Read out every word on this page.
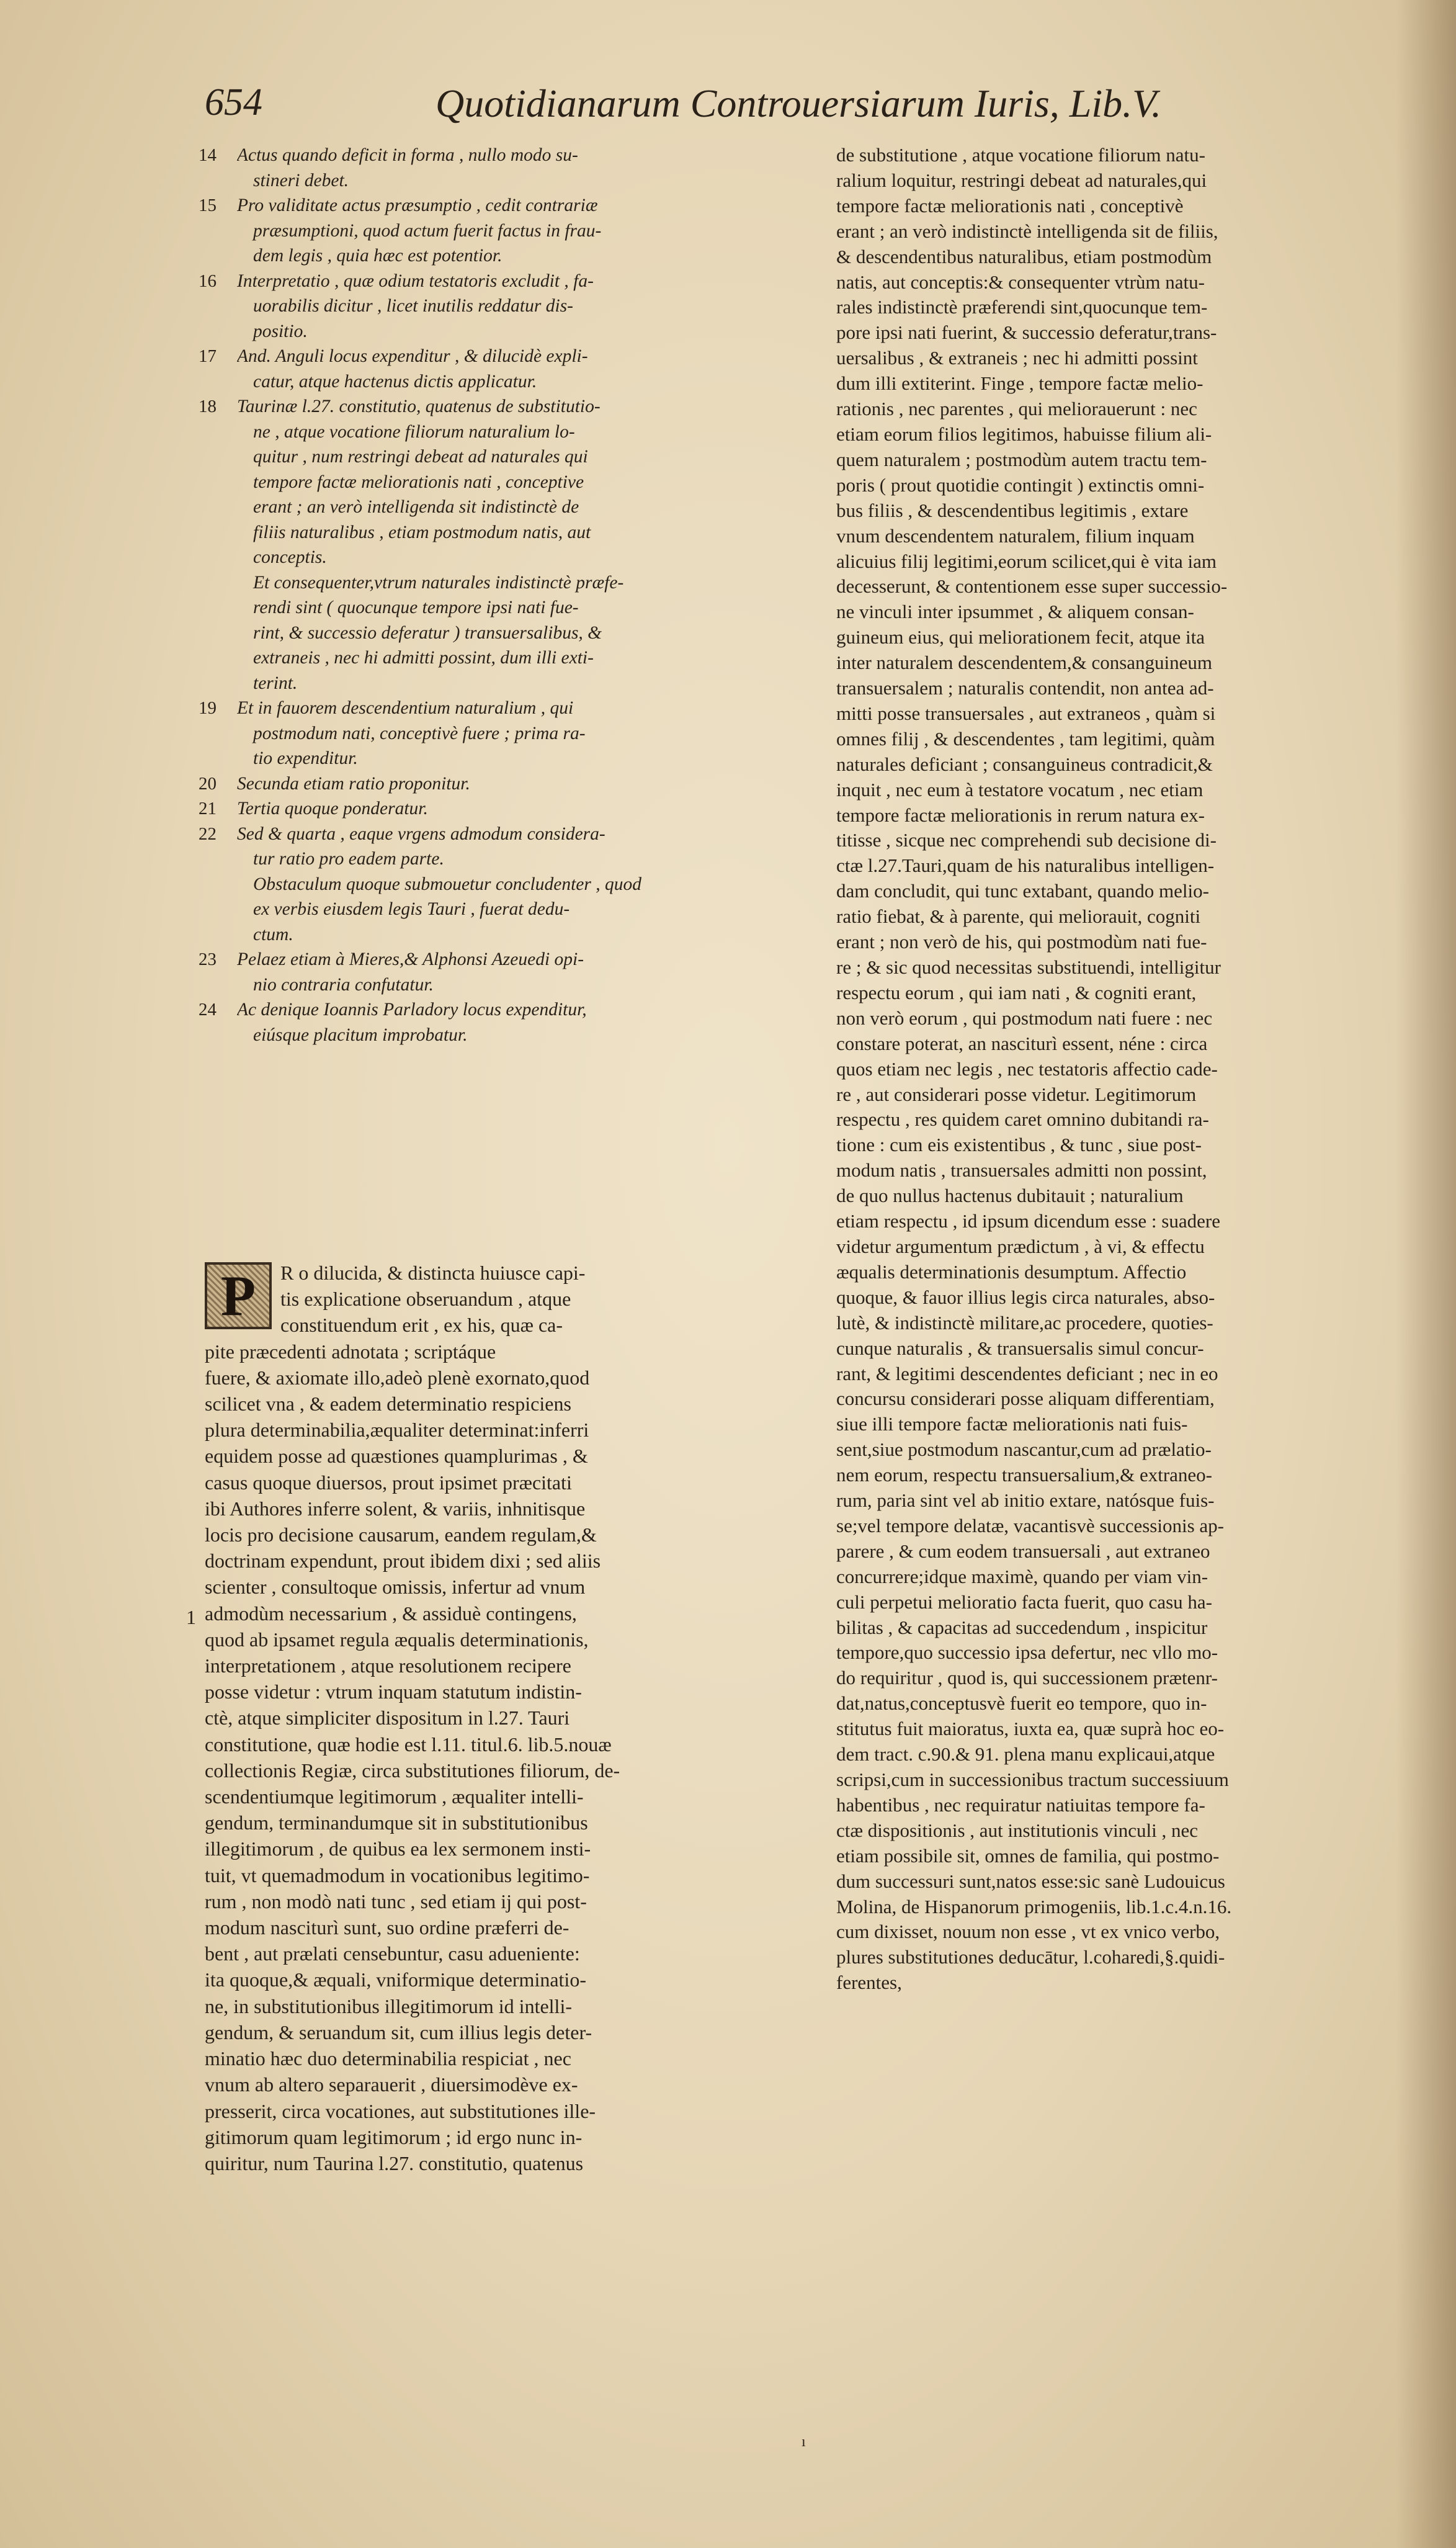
654	Quotidianarum Controuersiarum Iuris, Lib.V.
14 Actus quando deficit in forma , nullo modo su-
stineri debet.
15 Pro validitate actus præsumptio , cedit contrariæ
præsumptioni, quod actum fuerit factus in frau-
dem legis , quia hæc est potentior.
16 Interpretatio , quæ odium testatoris excludit , fa-
uorabilis dicitur , licet inutilis reddatur dis-
positio.
17 And. Anguli locus expenditur , & dilucidè expli-
catur, atque hactenus dictis applicatur.
18 Taurinæ l.27. constitutio, quatenus de substitutio-
ne , atque vocatione filiorum naturalium lo-
quitur , num restringi debeat ad naturales qui
tempore factæ meliorationis nati , conceptive
erant ; an verò intelligenda sit indistinctè de
filiis naturalibus , etiam postmodum natis, aut
conceptis.
Et consequenter,vtrum naturales indistinctè præfe-
rendi sint ( quocunque tempore ipsi nati fue-
rint, & successio deferatur ) transuersalibus, &
extraneis , nec hi admitti possint, dum illi exti-
terint.
19 Et in fauorem descendentium naturalium , qui
postmodum nati, conceptivè fuere ; prima ra-
tio expenditur.
20 Secunda etiam ratio proponitur.
21 Tertia quoque ponderatur.
22 Sed & quarta , eaque vrgens admodum considera-
tur ratio pro eadem parte.
Obstaculum quoque submouetur concludenter , quod
ex verbis eiusdem legis Tauri , fuerat dedu-
ctum.
23 Pelaez etiam à Mieres,& Alphonsi Azeuedi opi-
nio contraria confutatur.
24 Ac denique Ioannis Parladory locus expenditur,
eiúsque placitum improbatur.
1
P	R o dilucida, & distincta huiusce capi-
tis explicatione obseruandum , atque
constituendum erit , ex his, quæ ca-
pite præcedenti adnotata ; scriptáque
fuere, & axiomate illo,adeò plenè exornato,quod
scilicet vna , & eadem determinatio respiciens
plura determinabilia,æqualiter determinat:inferri
equidem posse ad quæstiones quamplurimas , &
casus quoque diuersos, prout ipsimet præcitati
ibi Authores inferre solent, & variis, inhnitisque
locis pro decisione causarum, eandem regulam,&
doctrinam expendunt, prout ibidem dixi ; sed aliis
scienter , consultoque omissis, infertur ad vnum
admodùm necessarium , & assiduè contingens,
quod ab ipsamet regula æqualis determinationis,
interpretationem , atque resolutionem recipere
posse videtur : vtrum inquam statutum indistin-
ctè, atque simpliciter dispositum in l.27. Tauri
constitutione, quæ hodie est l.11. titul.6. lib.5.nouæ
collectionis Regiæ, circa substitutiones filiorum, de-
scendentiumque legitimorum , æqualiter intelli-
gendum, terminandumque sit in substitutionibus
illegitimorum , de quibus ea lex sermonem insti-
tuit, vt quemadmodum in vocationibus legitimo-
rum , non modò nati tunc , sed etiam ij qui post-
modum nasciturì sunt, suo ordine præferri de-
bent , aut prælati censebuntur, casu adueniente:
ita quoque,& æquali, vniformique determinatio-
ne, in substitutionibus illegitimorum id intelli-
gendum, & seruandum sit, cum illius legis deter-
minatio hæc duo determinabilia respiciat , nec
vnum ab altero separauerit , diuersimodève ex-
presserit, circa vocationes, aut substitutiones ille-
gitimorum quam legitimorum ; id ergo nunc in-
quiritur, num Taurina l.27. constitutio, quatenus
de substitutione , atque vocatione filiorum natu-
ralium loquitur, restringi debeat ad naturales,qui
tempore factæ meliorationis nati , conceptivè
erant ; an verò indistinctè intelligenda sit de filiis,
& descendentibus naturalibus, etiam postmodùm
natis, aut conceptis:& consequenter vtrùm natu-
rales indistinctè præferendi sint,quocunque tem-
pore ipsi nati fuerint, & successio deferatur,trans-
uersalibus , & extraneis ; nec hi admitti possint
dum illi extiterint. Finge , tempore factæ melio-
rationis , nec parentes , qui meliorauerunt : nec
etiam eorum filios legitimos, habuisse filium ali-
quem naturalem ; postmodùm autem tractu tem-
poris ( prout quotidie contingit ) extinctis omni-
bus filiis , & descendentibus legitimis , extare
vnum descendentem naturalem, filium inquam
alicuius filij legitimi,eorum scilicet,qui è vita iam
decesserunt, & contentionem esse super successio-
ne vinculi inter ipsummet , & aliquem consan-
guineum eius, qui meliorationem fecit, atque ita
inter naturalem descendentem,& consanguineum
transuersalem ; naturalis contendit, non antea ad-
mitti posse transuersales , aut extraneos , quàm si
omnes filij , & descendentes , tam legitimi, quàm
naturales deficiant ; consanguineus contradicit,&
inquit , nec eum à testatore vocatum , nec etiam
tempore factæ meliorationis in rerum natura ex-
titisse , sicque nec comprehendi sub decisione di-
ctæ l.27.Tauri,quam de his naturalibus intelligen-
dam concludit, qui tunc extabant, quando melio-
ratio fiebat, & à parente, qui meliorauit, cogniti
erant ; non verò de his, qui postmodùm nati fue-
re ; & sic quod necessitas substituendi, intelligitur
respectu eorum , qui iam nati , & cogniti erant,
non verò eorum , qui postmodum nati fuere : nec
constare poterat, an nasciturì essent, néne : circa
quos etiam nec legis , nec testatoris affectio cade-
re , aut considerari posse videtur. Legitimorum
respectu , res quidem caret omnino dubitandi ra-
tione : cum eis existentibus , & tunc , siue post-
modum natis , transuersales admitti non possint,
de quo nullus hactenus dubitauit ; naturalium
etiam respectu , id ipsum dicendum esse : suadere
videtur argumentum prædictum , à vi, & effectu
æqualis determinationis desumptum. Affectio
quoque, & fauor illius legis circa naturales, abso-
lutè, & indistinctè militare,ac procedere, quoties-
cunque naturalis , & transuersalis simul concur-
rant, & legitimi descendentes deficiant ; nec in eo
concursu considerari posse aliquam differentiam,
siue illi tempore factæ meliorationis nati fuis-
sent,siue postmodum nascantur,cum ad prælatio-
nem eorum, respectu transuersalium,& extraneo-
rum, paria sint vel ab initio extare, natósque fuis-
se;vel tempore delatæ, vacantisvè successionis ap-
parere , & cum eodem transuersali , aut extraneo
concurrere;idque maximè, quando per viam vin-
culi perpetui melioratio facta fuerit, quo casu ha-
bilitas , & capacitas ad succedendum , inspicitur
tempore,quo successio ipsa defertur, nec vllo mo-
do requiritur , quod is, qui successionem prætenr-
dat,natus,conceptusvè fuerit eo tempore, quo in-
stitutus fuit maioratus, iuxta ea, quæ suprà hoc eo-
dem tract. c.90.& 91. plena manu explicaui,atque
scripsi,cum in successionibus tractum successiuum
habentibus , nec requiratur natiuitas tempore fa-
ctæ dispositionis , aut institutionis vinculi , nec
etiam possibile sit, omnes de familia, qui postmo-
dum successuri sunt,natos esse:sic sanè Ludouicus
Molina, de Hispanorum primogeniis, lib.1.c.4.n.16.
cum dixisset, nouum non esse , vt ex vnico verbo,
plures substitutiones deducātur, l.coharedi,§.quidi-
ferentes,
ı
